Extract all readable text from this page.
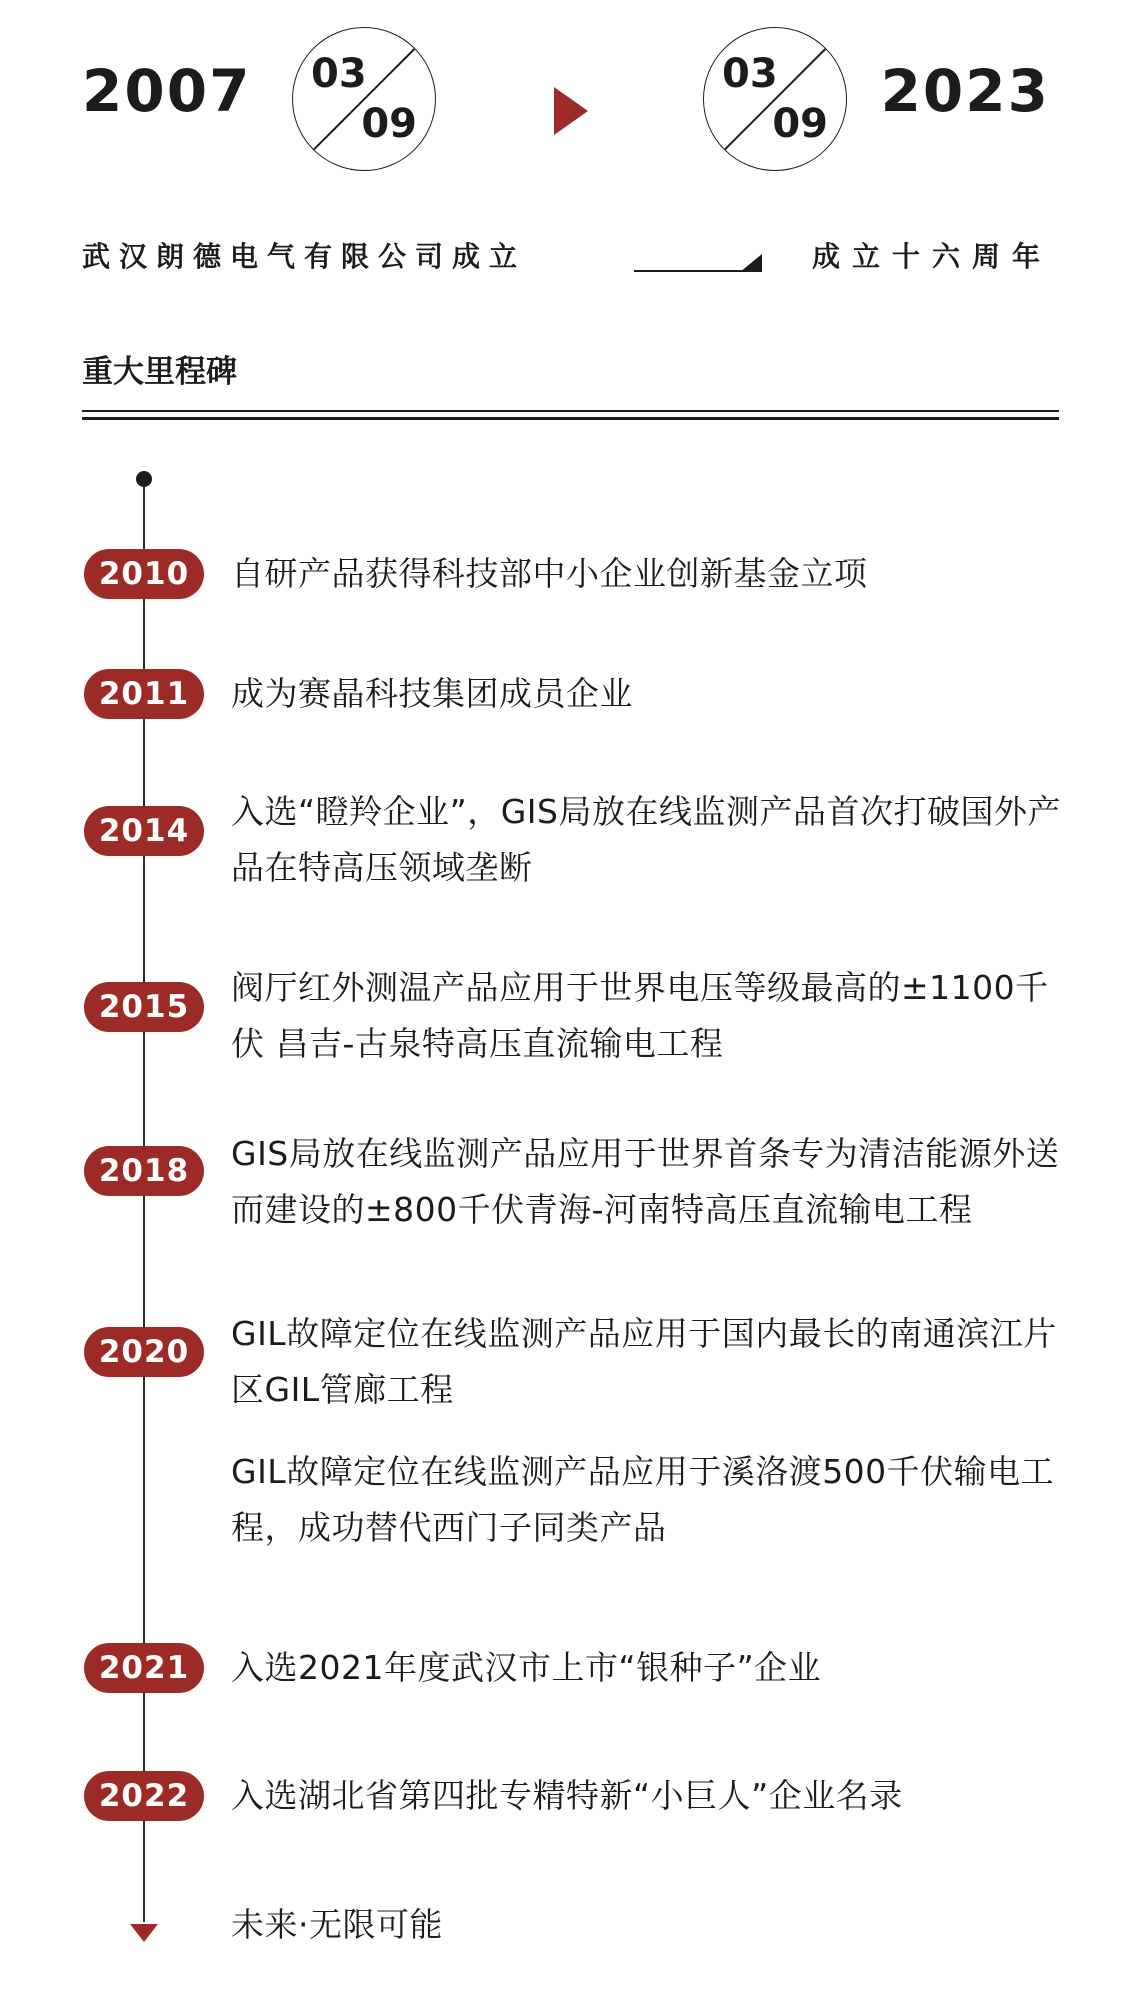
2007 03
09
03
09 2023
武汉朗德电气有限公司成立	成立十六周年
重大里程碑
2010	自研产品获得科技部中小企业创新基金立项
2011	成为赛晶科技集团成员企业
2014	入选“瞪羚企业”，GIS局放在线监测产品首次打破国外产品在特高压领域垄断
2015	阀厅红外测温产品应用于世界电压等级最高的±1100千伏 昌吉-古泉特高压直流输电工程
2018	GIS局放在线监测产品应用于世界首条专为清洁能源外送而建设的±800千伏青海-河南特高压直流输电工程
2020	GIL故障定位在线监测产品应用于国内最长的南通滨江片区GIL管廊工程
GIL故障定位在线监测产品应用于溪洛渡500千伏输电工程，成功替代西门子同类产品
2021	入选2021年度武汉市上市“银种子”企业
2022	入选湖北省第四批专精特新“小巨人”企业名录
未来·无限可能
